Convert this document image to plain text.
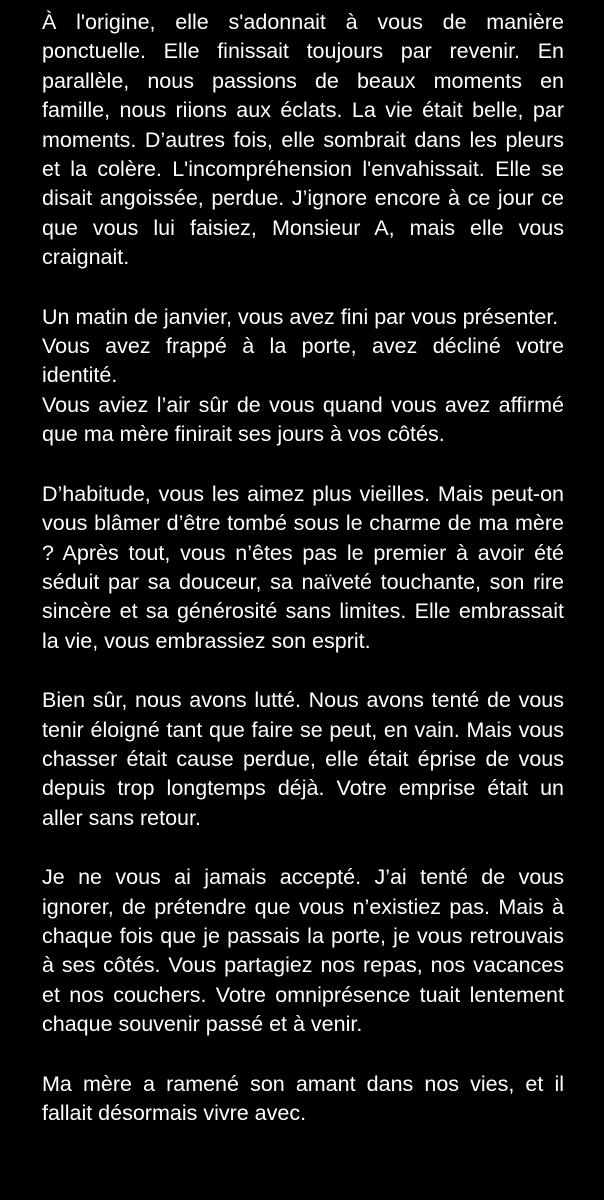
À l'origine, elle s'adonnait à vous de manière ponctuelle. Elle finissait toujours par revenir. En parallèle, nous passions de beaux moments en famille, nous riions aux éclats. La vie était belle, par moments. D’autres fois, elle sombrait dans les pleurs et la colère. L'incompréhension l'envahissait. Elle se disait angoissée, perdue. J’ignore encore à ce jour ce que vous lui faisiez, Monsieur A, mais elle vous craignait.

Un matin de janvier, vous avez fini par vous présenter.
Vous avez frappé à la porte, avez décliné votre identité.
Vous aviez l’air sûr de vous quand vous avez affirmé que ma mère finirait ses jours à vos côtés.

D’habitude, vous les aimez plus vieilles. Mais peut-on vous blâmer d’être tombé sous le charme de ma mère ? Après tout, vous n’êtes pas le premier à avoir été séduit par sa douceur, sa naïveté touchante, son rire sincère et sa générosité sans limites. Elle embrassait la vie, vous embrassiez son esprit.

Bien sûr, nous avons lutté. Nous avons tenté de vous tenir éloigné tant que faire se peut, en vain. Mais vous chasser était cause perdue, elle était éprise de vous depuis trop longtemps déjà. Votre emprise était un aller sans retour.

Je ne vous ai jamais accepté. J’ai tenté de vous ignorer, de prétendre que vous n’existiez pas. Mais à chaque fois que je passais la porte, je vous retrouvais à ses côtés. Vous partagiez nos repas, nos vacances et nos couchers. Votre omniprésence tuait lentement chaque souvenir passé et à venir.

Ma mère a ramené son amant dans nos vies, et il fallait désormais vivre avec.
